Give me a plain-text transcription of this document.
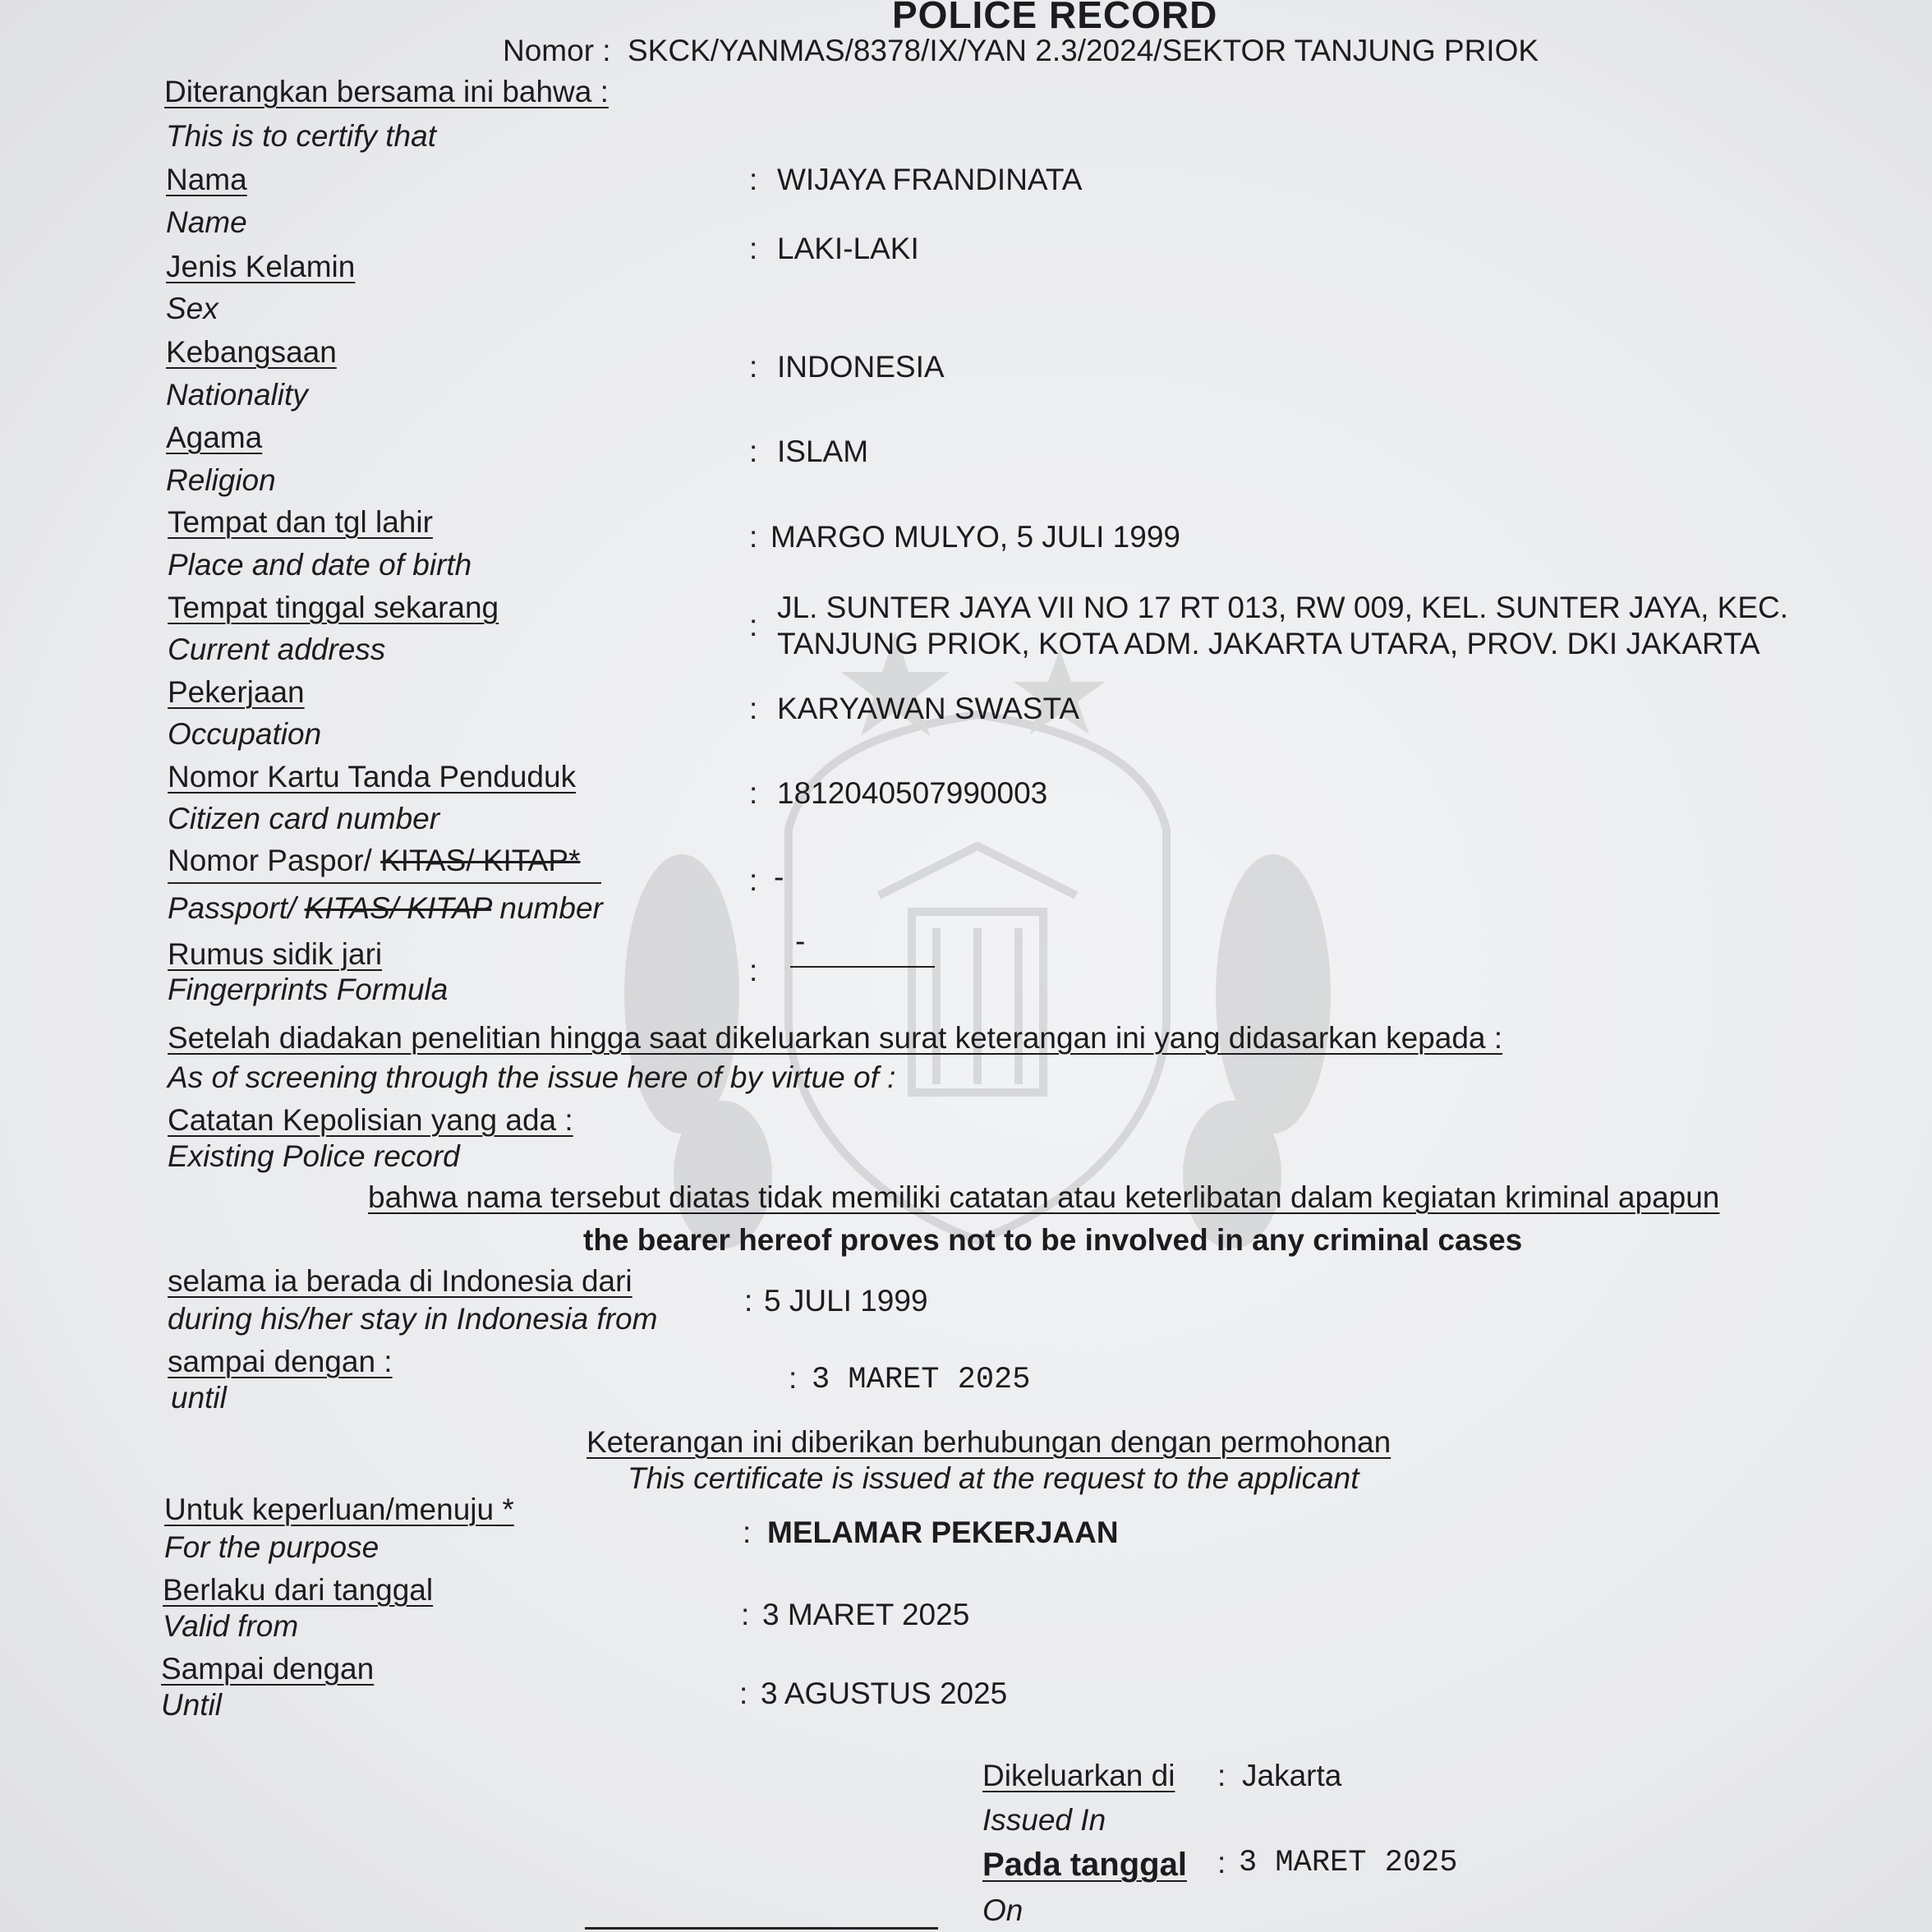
POLICE RECORD
Nomor : SKCK/YANMAS/8378/IX/YAN 2.3/2024/SEKTOR TANJUNG PRIOK
Diterangkan bersama ini bahwa :
This is to certify that
Nama
Name
: WIJAYA FRANDINATA
Jenis Kelamin
Sex
: LAKI-LAKI
Kebangsaan
Nationality
: INDONESIA
Agama
Religion
: ISLAM
Tempat dan tgl lahir
Place and date of birth
: MARGO MULYO, 5 JULI 1999
Tempat tinggal sekarang
Current address
:
JL. SUNTER JAYA VII NO 17 RT 013, RW 009, KEL. SUNTER JAYA, KEC.
TANJUNG PRIOK, KOTA ADM. JAKARTA UTARA, PROV. DKI JAKARTA
Pekerjaan
Occupation
: KARYAWAN SWASTA
Nomor Kartu Tanda Penduduk
Citizen card number
: 1812040507990003
Nomor Paspor/ KITAS/ KITAP*
Passport/ KITAS/ KITAP number
: -
Rumus sidik jari
Fingerprints Formula
:
-
Setelah diadakan penelitian hingga saat dikeluarkan surat keterangan ini yang didasarkan kepada :
As of screening through the issue here of by virtue of :
Catatan Kepolisian yang ada :
Existing Police record
bahwa nama tersebut diatas tidak memiliki catatan atau keterlibatan dalam kegiatan kriminal apapun
the bearer hereof proves not to be involved in any criminal cases
selama ia berada di Indonesia dari
during his/her stay in Indonesia from
: 5 JULI 1999
sampai dengan :
until
: 3 MARET 2025
Keterangan ini diberikan berhubungan dengan permohonan
This certificate is issued at the request to the applicant
Untuk keperluan/menuju *
For the purpose	: MELAMAR PEKERJAAN
Berlaku dari tanggal
Valid from	: 3 MARET 2025
Sampai dengan
Until	: 3 AGUSTUS 2025
Dikeluarkan di
Issued In
: Jakarta
Pada tanggal
On
: 3 MARET 2025
